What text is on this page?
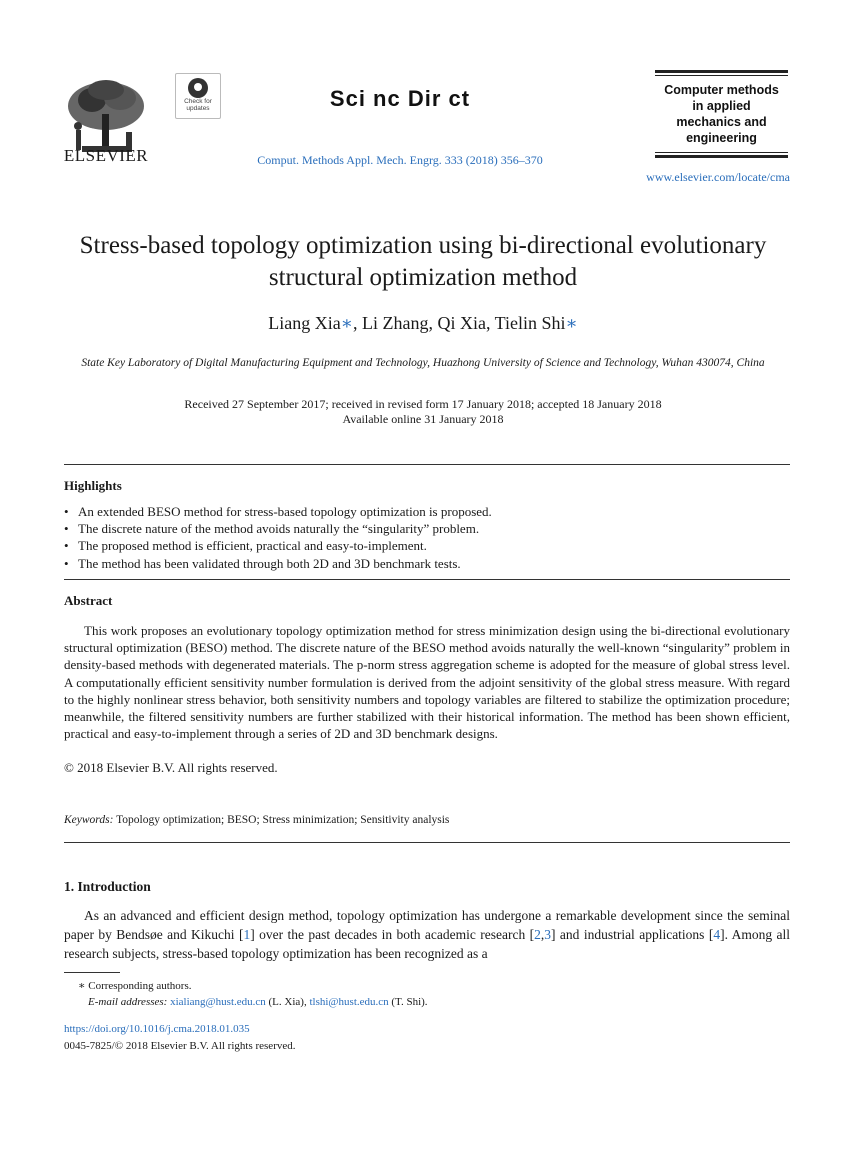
ELSEVIER
Check for updates	Sci nc Dir ct
Comput. Methods Appl. Mech. Engrg. 333 (2018) 356–370
Computer methods
in applied
mechanics and
engineering
www.elsevier.com/locate/cma
Stress-based topology optimization using bi-directional evolutionary structural optimization method
Liang Xia∗, Li Zhang, Qi Xia, Tielin Shi∗
State Key Laboratory of Digital Manufacturing Equipment and Technology, Huazhong University of Science and Technology, Wuhan 430074, China
Received 27 September 2017; received in revised form 17 January 2018; accepted 18 January 2018
Available online 31 January 2018
Highlights
• An extended BESO method for stress-based topology optimization is proposed.
• The discrete nature of the method avoids naturally the “singularity” problem.
• The proposed method is efficient, practical and easy-to-implement.
• The method has been validated through both 2D and 3D benchmark tests.
Abstract

This work proposes an evolutionary topology optimization method for stress minimization design using the bi-directional evolutionary structural optimization (BESO) method. The discrete nature of the BESO method avoids naturally the well-known “singularity” problem in density-based methods with degenerated materials. The p-norm stress aggregation scheme is adopted for the measure of global stress level. A computationally efficient sensitivity number formulation is derived from the adjoint sensitivity of the global stress measure. With regard to the highly nonlinear stress behavior, both sensitivity numbers and topology variables are filtered to stabilize the optimization procedure; meanwhile, the filtered sensitivity numbers are further stabilized with their historical information. The method has been shown efficient, practical and easy-to-implement through a series of 2D and 3D benchmark designs.

© 2018 Elsevier B.V. All rights reserved.
Keywords: Topology optimization; BESO; Stress minimization; Sensitivity analysis
1. Introduction

As an advanced and efficient design method, topology optimization has undergone a remarkable development since the seminal paper by Bendsøe and Kikuchi [1] over the past decades in both academic research [2,3] and industrial applications [4]. Among all research subjects, stress-based topology optimization has been recognized as a

∗ Corresponding authors.
E-mail addresses: xialiang@hust.edu.cn (L. Xia), tlshi@hust.edu.cn (T. Shi).
https://doi.org/10.1016/j.cma.2018.01.035
0045-7825/© 2018 Elsevier B.V. All rights reserved.
